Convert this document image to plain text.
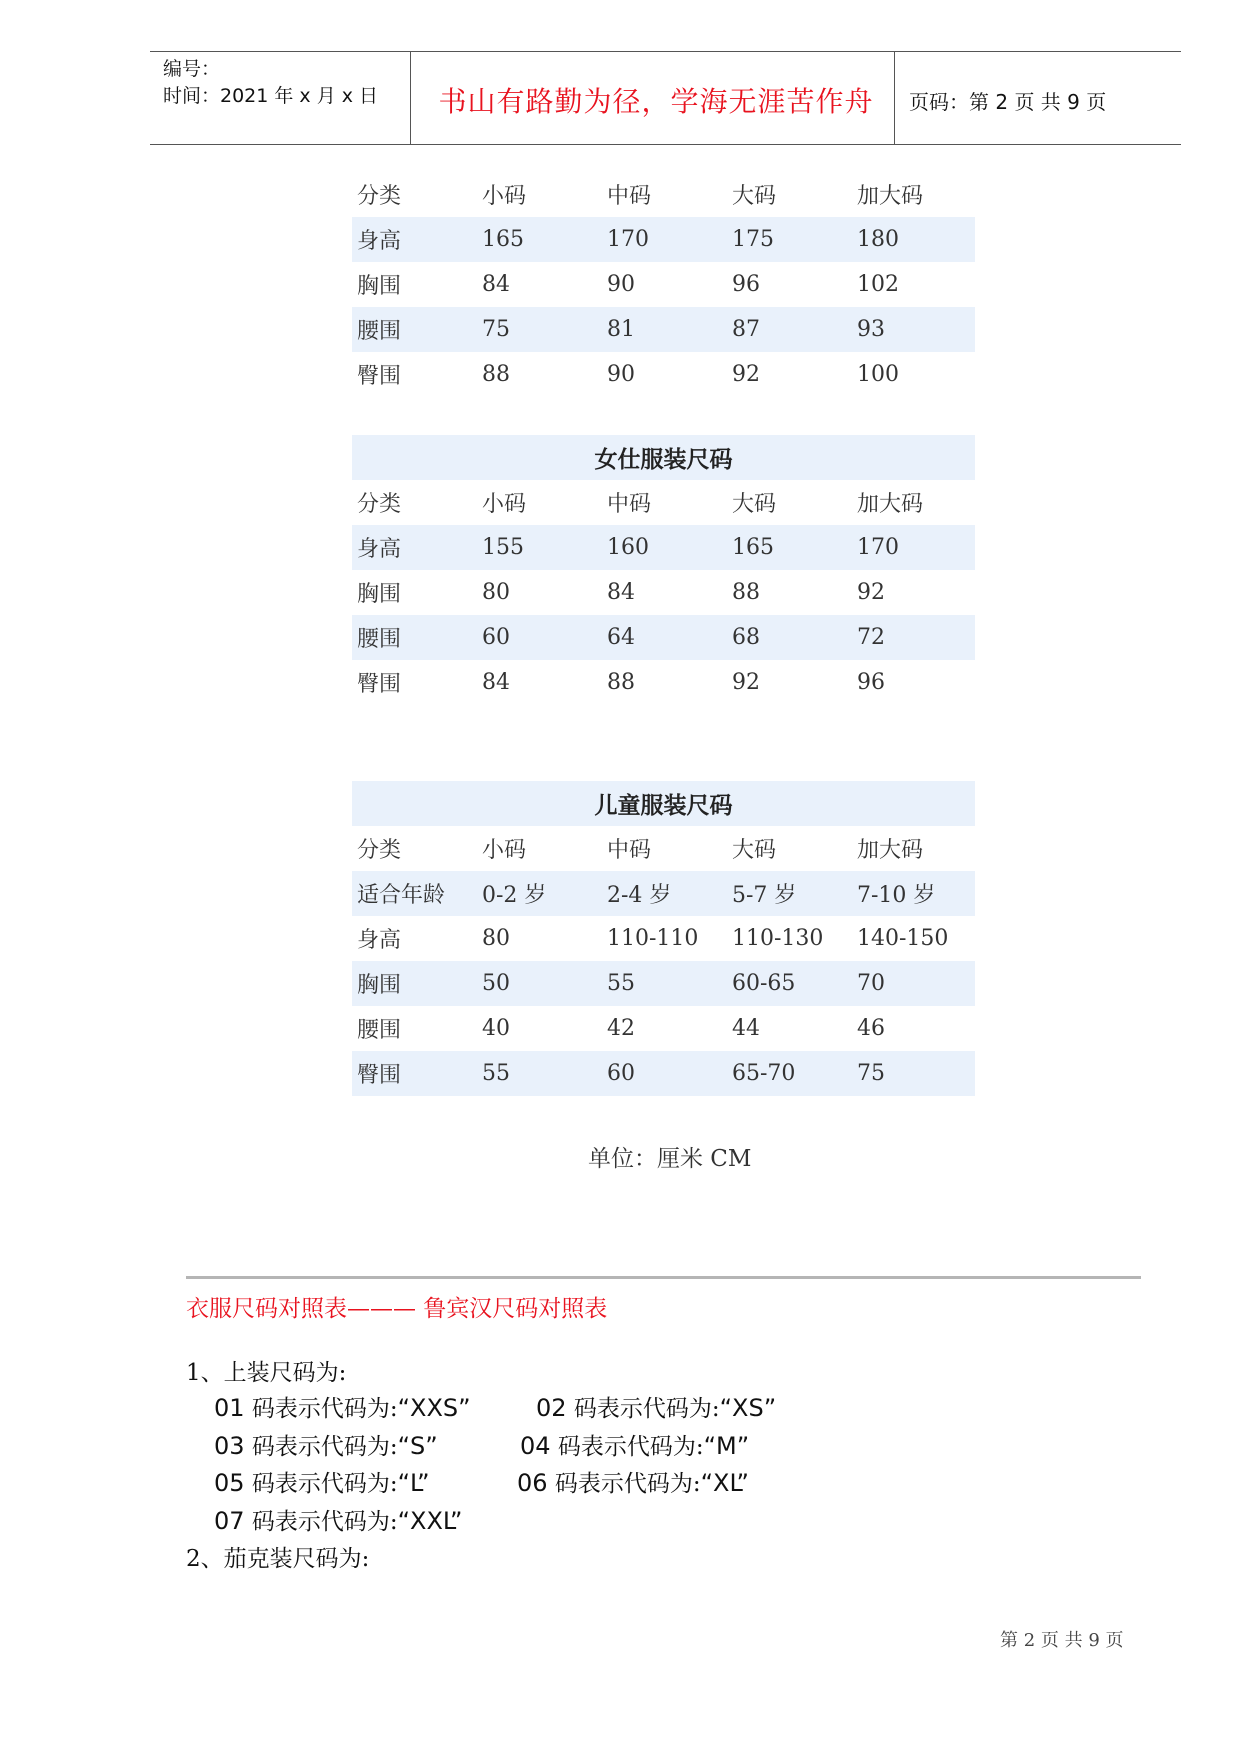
编号：
时间：2021 年 x 月 x 日	书山有路勤为径，学海无涯苦作舟	页码：第 2 页 共 9 页
分类	小码	中码	大码	加大码
身高	165	170	175	180
胸围	84	90	96	102
腰围	75	81	87	93
臀围	88	90	92	100
女仕服装尺码				
分类	小码	中码	大码	加大码
身高	155	160	165	170
胸围	80	84	88	92
腰围	60	64	68	72
臀围	84	88	92	96
儿童服装尺码				
分类	小码	中码	大码	加大码
适合年龄	0-2 岁	2-4 岁	5-7 岁	7-10 岁
身高	80	110-110	110-130	140-150
胸围	50	55	60-65	70
腰围	40	42	44	46
臀围	55	60	65-70	75
单位：厘米 CM
衣服尺码对照表——— 鲁宾汉尺码对照表
1、上装尺码为:
01 码表示代码为:“XXS”	02 码表示代码为:“XS”
03 码表示代码为:“S”	04 码表示代码为:“M”
05 码表示代码为:“L”	06 码表示代码为:“XL”
07 码表示代码为:“XXL”
2、茄克装尺码为:
第 2 页 共 9 页
